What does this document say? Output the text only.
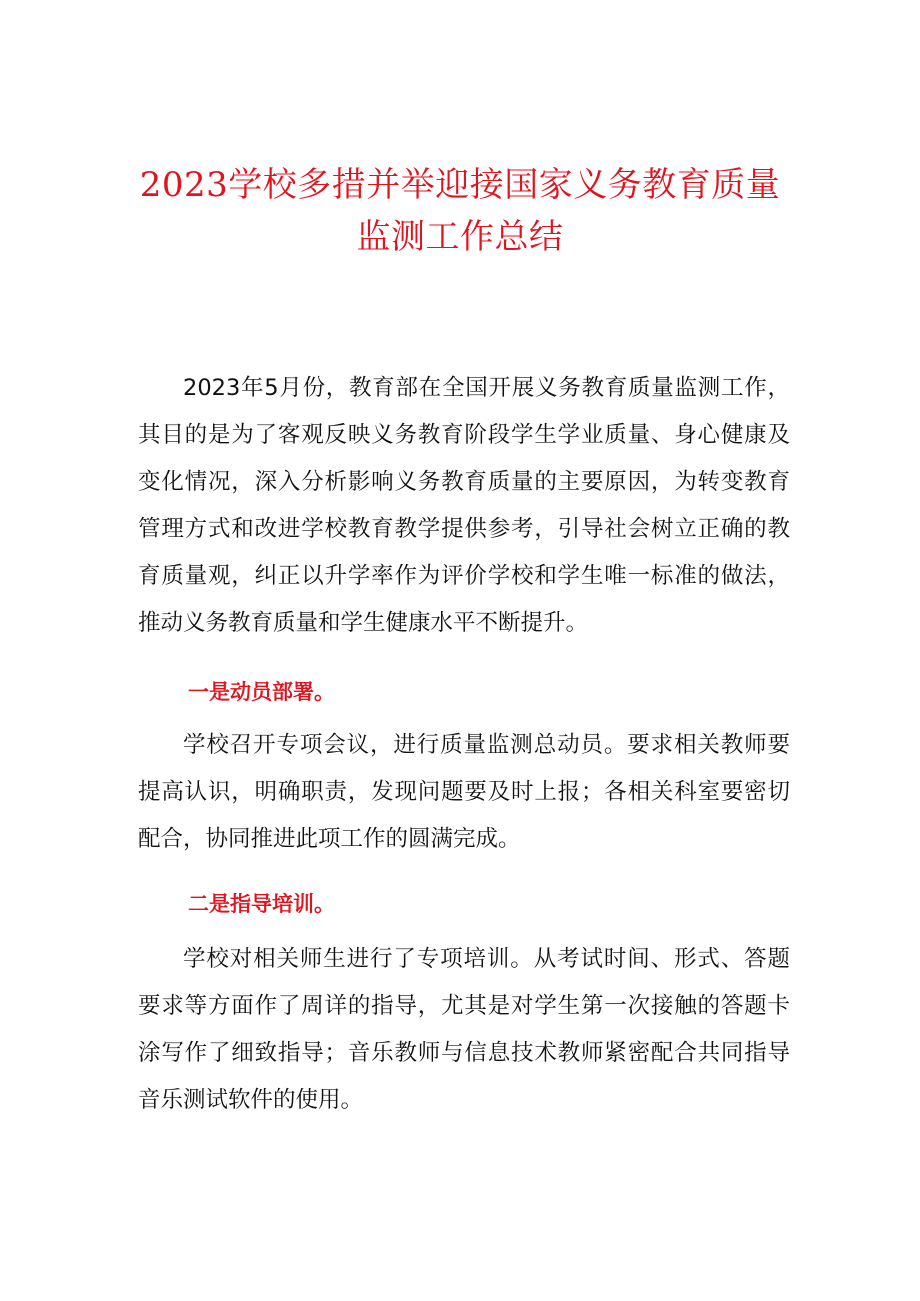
2023学校多措并举迎接国家义务教育质量
监测工作总结

2023年5月份，教育部在全国开展义务教育质量监测工作，其目的是为了客观反映义务教育阶段学生学业质量、身心健康及变化情况，深入分析影响义务教育质量的主要原因，为转变教育管理方式和改进学校教育教学提供参考，引导社会树立正确的教育质量观，纠正以升学率作为评价学校和学生唯一标准的做法，推动义务教育质量和学生健康水平不断提升。

一是动员部署。

学校召开专项会议，进行质量监测总动员。要求相关教师要提高认识，明确职责，发现问题要及时上报；各相关科室要密切配合，协同推进此项工作的圆满完成。

二是指导培训。

学校对相关师生进行了专项培训。从考试时间、形式、答题要求等方面作了周详的指导，尤其是对学生第一次接触的答题卡涂写作了细致指导；音乐教师与信息技术教师紧密配合共同指导音乐测试软件的使用。
